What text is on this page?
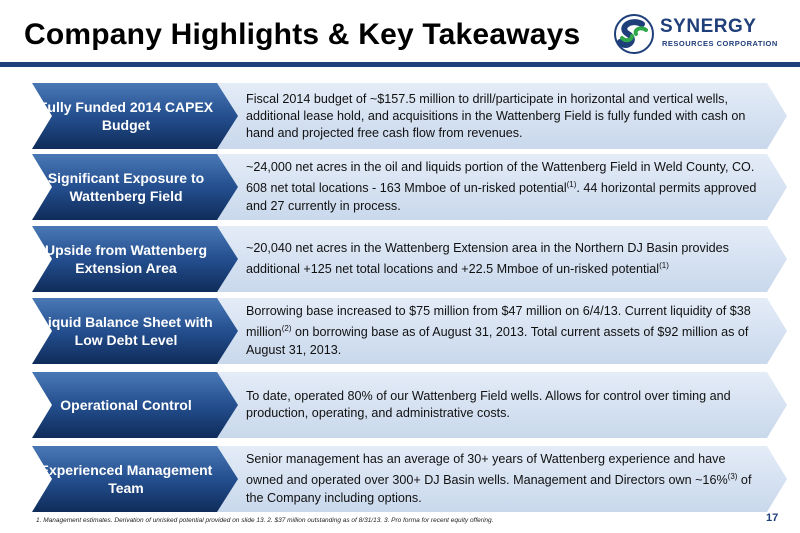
Company Highlights & Key Takeaways	SYNERGY
RESOURCES CORPORATION
Fully Funded 2014 CAPEX Budget
Fiscal 2014 budget of ~$157.5 million to drill/participate in horizontal and vertical wells, additional lease hold, and acquisitions in the Wattenberg Field is fully funded with cash on hand and projected free cash flow from revenues.
Significant Exposure to Wattenberg Field
~24,000 net acres in the oil and liquids portion of the Wattenberg Field in Weld County, CO. 608 net total locations - 163 Mmboe of un-risked potential$^{(1)}$. 44 horizontal permits approved and 27 currently in process.
Upside from Wattenberg Extension Area
~20,040 net acres in the Wattenberg Extension area in the Northern DJ Basin provides additional +125 net total locations and +22.5 Mmboe of un-risked potential$^{(1)}$
Liquid Balance Sheet with Low Debt Level
Borrowing base increased to $75 million from $47 million on 6/4/13. Current liquidity of $38 million$^{(2)}$ on borrowing base as of August 31, 2013. Total current assets of $92 million as of August 31, 2013.
Operational Control
To date, operated 80% of our Wattenberg Field wells. Allows for control over timing and production, operating, and administrative costs.
Experienced Management Team
Senior management has an average of 30+ years of Wattenberg experience and have owned and operated over 300+ DJ Basin wells. Management and Directors own ~16%$^{(3)}$ of the Company including options.
1. Management estimates. Derivation of unrisked potential provided on slide 13. 2. $37 million outstanding as of 8/31/13. 3. Pro forma for recent equity offering.	17
